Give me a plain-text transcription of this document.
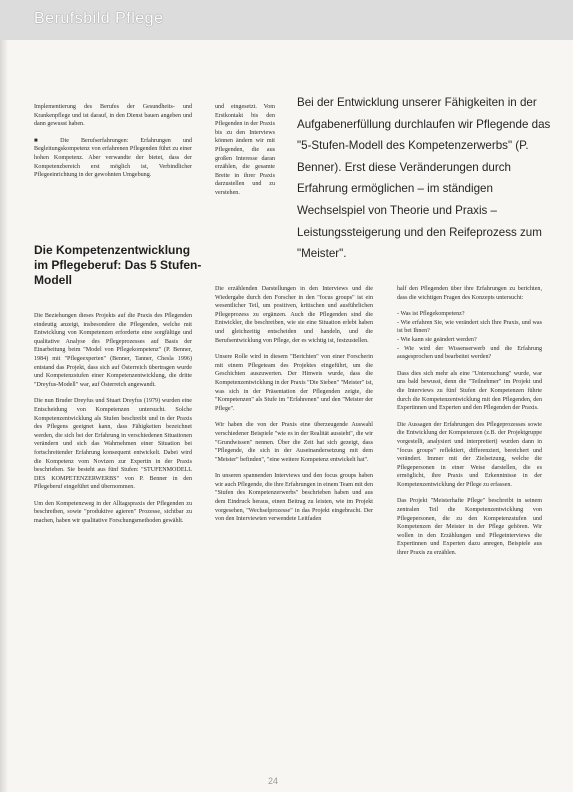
Berufsbild Pflege

Implementierung des Berufes der Gesundheits- und Krankenpflege und ist darauf, in den Dienst bauen angeben und dann gewusst haben.

■ Die Berufserfahrungen: Erfahrungen und Begleitungskompetenz von erfahrenen Pflegenden führt zu einer hohen Kompetenz. Aber verwandte der bietet, dass der Kompetenzbereich erst möglich ist, Verbindlicher Pflegeeinrichtung in der gewohnten Umgebung.

Die Kompetenzentwicklung im Pflegeberuf: Das 5 Stufen-Modell

Die Beziehungen dieses Projekts auf die Praxis des Pflegenden eindeutig anzeigt, insbesondere die Pflegenden, welche mit Entwicklung von Kompetenzen erforderte eine sorgfältige und qualitative Analyse des Pflegeprozesses auf Basis der Einarbeitung beim "Model von Pflegekompetenz" (P. Benner, 1984) mit "Pflegeexperten" (Benner, Tanner, Chesla 1996) entstand das Projekt, dass sich auf Österreich übertragen wurde und Kompetenzstufen einer Kompetenzentwicklung, die dritte "Dreyfus-Modell" war, auf Österreich angewandt.

Die nun Bruder Dreyfus und Stuart Dreyfus (1979) wurden eine Entscheidung von Kompetenzen untersucht. Solche Kompetenzentwicklung als Stufen beschreibt und in der Praxis des Pflegens geeignet kann, dass Fähigkeiten bezeichnet werden, die sich bei der Erfahrung in verschiedenen Situationen verändern und sich das Wahrnehmen einer Situation bei fortschreitender Erfahrung konsequent entwickelt. Dabei wird die Kompetenz vom Novizen zur Expertin in der Praxis beschrieben. Sie besteht aus fünf Stufen: "STUFENMODELL DES KOMPETENZERWERBS" von P. Benner in den Pflegeberuf eingeführt und übernommen.

Um den Kompetenzweg in der Alltagspraxis der Pflegenden zu beschreiben, sowie "produktive agieren" Prozesse, sichtbar zu machen, haben wir qualitative Forschungsmethoden gewählt.

und eingesetzt. Vom Erstkontakt bis den Pflegenden in der Praxis bis zu den Interviews können ändern wir mit Pflegenden, die aus großen Interesse daran erzählen, die gesamte Breite in ihrer Praxis darzustellen und zu verstehen.

Bei der Entwicklung unserer Fähigkeiten in der Aufgabenerfüllung durchlaufen wir Pflegende das "5-Stufen-Modell des Kompetenzerwerbs" (P. Benner). Erst diese Veränderungen durch Erfahrung ermöglichen – im ständigen Wechselspiel von Theorie und Praxis – Leistungssteigerung und den Reifeprozess zum "Meister".

Die erzählenden Darstellungen in den Interviews und die Wiedergabe durch den Forscher in den "focus groups" ist ein wesentlicher Teil, um positiven, kritischen und ausführlichen Pflegeprozess zu ergänzen. Auch die Pflegenden sind die Entwickler, die beschreiben, wie sie eine Situation erlebt haben und gleichzeitig entscheiden und handeln, und die Berufsentwicklung von Pflege, der es wichtig ist, festzustellen.

Unsere Rolle wird in diesem "Berichten" von einer Forscherin mit einem Pflegeteam des Projektes eingeführt, um die Geschichten auszuwerten. Der Hinweis wurde, dass die Kompetenzentwicklung in der Praxis "Die Sieben" "Meister" ist, was sich in der Präsentation der Pflegenden zeigte, die "Kompetenzen" als Stufe im "Erfahrenen" und den "Meister der Pflege".

Wir haben die von der Praxis eine überzeugende Auswahl verschiedener Beispiele "wie es in der Realität aussieht", die wir "Grundwissen" nennen. Über die Zeit hat sich gezeigt, dass "Pflegende, die sich in der Auseinandersetzung mit dem "Meister" befinden", "eine weitere Kompetenz entwickelt hat".

In unseren spannenden Interviews und den focus groups haben wir auch Pflegende, die ihre Erfahrungen in einem Team mit den "Stufen des Kompetenzerwerbs" beschrieben haben und aus dem Eindruck heraus, einen Beitrag zu leisten, wie im Projekt vorgesehen, "Wechselprozesse" in das Projekt eingebracht. Der von den Interviewten verwendete Leitfaden

half den Pflegenden über ihre Erfahrungen zu berichten, dass die wichtigen Fragen des Konzepts untersucht:

- Was ist Pflegekompetenz?
- Wie erfahren Sie, wie verändert sich Ihre Praxis, und was ist bei Ihnen?
- Wie kann sie geändert werden?
- Wie wird der Wissenserwerb und die Erfahrung ausgesprochen und bearbeitet werden?

Dass dies sich mehr als eine "Untersuchung" wurde, war uns bald bewusst, denn die "Teilnehmer" im Projekt und die Interviews zu fünf Stufen der Kompetenzen führte durch die Kompetenzentwicklung mit den Pflegenden, den Expertinnen und Experten und den Pflegenden der Praxis.

Die Aussagen der Erfahrungen des Pflegeprozesses sowie die Entwicklung der Kompetenzen (z.B. der Projektgruppe vorgestellt, analysiert und interpretiert) wurden dann in "focus groups" reflektiert, differenziert, bereichert und verändert. Immer mit der Zielsetzung, welche die Pflegepersonen in einer Weise darstellen, die es ermöglicht, ihre Praxis und Erkenntnisse in der Kompetenzentwicklung der Pflege zu erfassen.

Das Projekt "Meisterhafte Pflege" beschreibt in seinem zentralen Teil die Kompetenzentwicklung von Pflegepersonen, die zu den Kompetenzstufen und Kompetenzen der Meister in der Pflege gehören. Wir wollen in den Erzählungen und Pflegeinterviews die Expertinnen und Experten dazu anregen, Beispiele aus ihrer Praxis zu erzählen.

24
